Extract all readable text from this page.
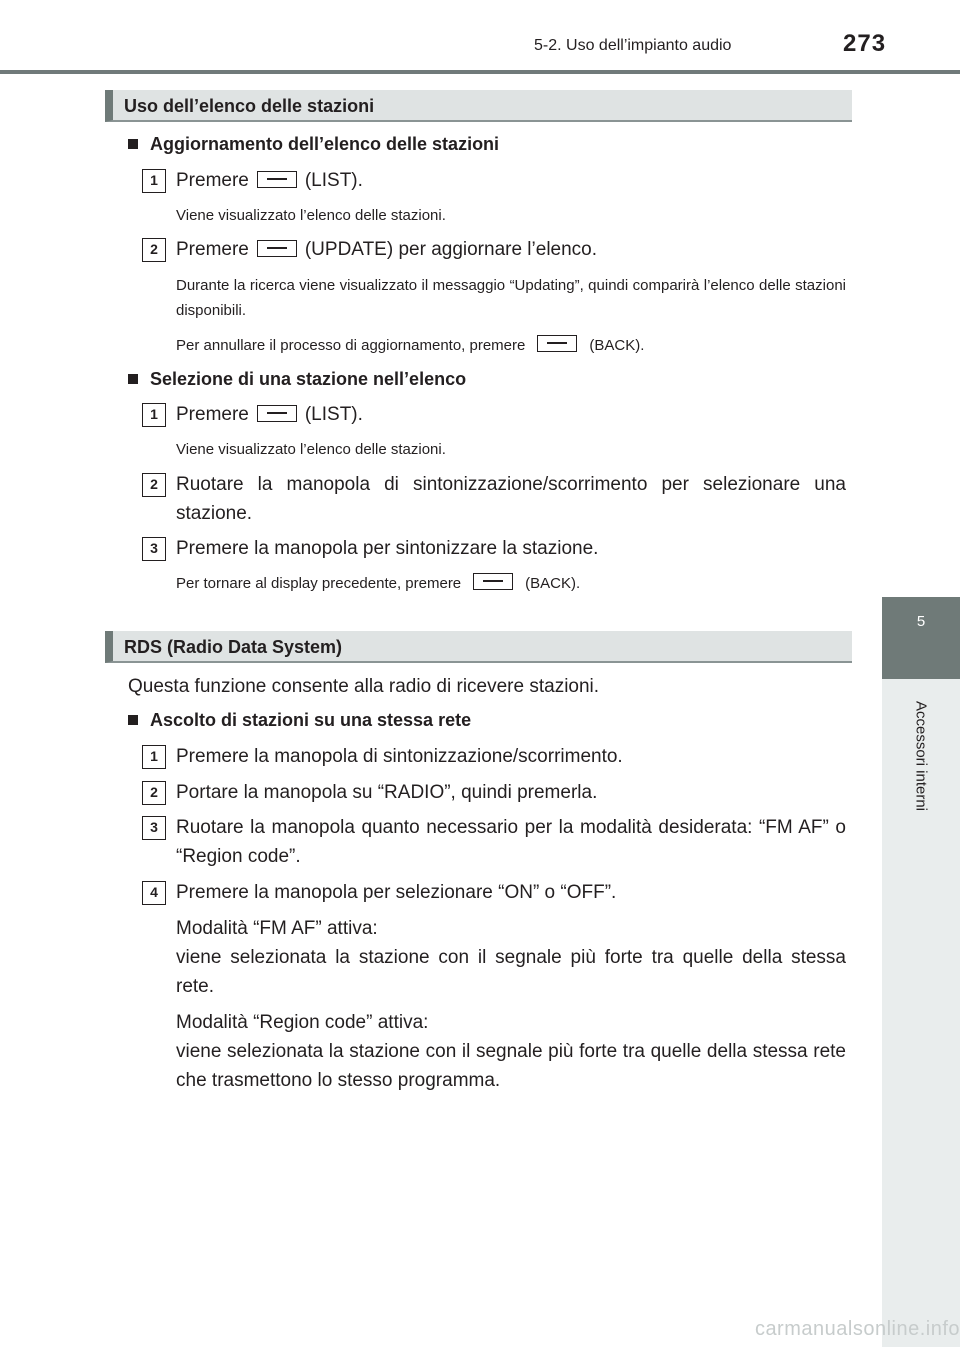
5-2. Uso dell’impianto audio	273
5
Accessori interni
Uso dell’elenco delle stazioni
Aggiornamento dell’elenco delle stazioni
1 Premere	(LIST).
Viene visualizzato l’elenco delle stazioni.
2 Premere	(UPDATE) per aggiornare l’elenco.
Durante la ricerca viene visualizzato il messaggio “Updating”, quindi comparirà l’elenco delle stazioni disponibili.
Per annullare il processo di aggiornamento, premere	(BACK).
Selezione di una stazione nell’elenco
1 Premere	(LIST).
Viene visualizzato l’elenco delle stazioni.
2 Ruotare la manopola di sintonizzazione/scorrimento per selezionare una stazione.
3 Premere la manopola per sintonizzare la stazione.
Per tornare al display precedente, premere	(BACK).
RDS (Radio Data System)
Questa funzione consente alla radio di ricevere stazioni.
Ascolto di stazioni su una stessa rete
1 Premere la manopola di sintonizzazione/scorrimento.
2 Portare la manopola su “RADIO”, quindi premerla.
3 Ruotare la manopola quanto necessario per la modalità desiderata: “FM AF” o “Region code”.
4 Premere la manopola per selezionare “ON” o “OFF”.
Modalità “FM AF” attiva:
viene selezionata la stazione con il segnale più forte tra quelle della stessa rete.
Modalità “Region code” attiva:
viene selezionata la stazione con il segnale più forte tra quelle della stessa rete che trasmettono lo stesso programma.
carmanualsonline.info
